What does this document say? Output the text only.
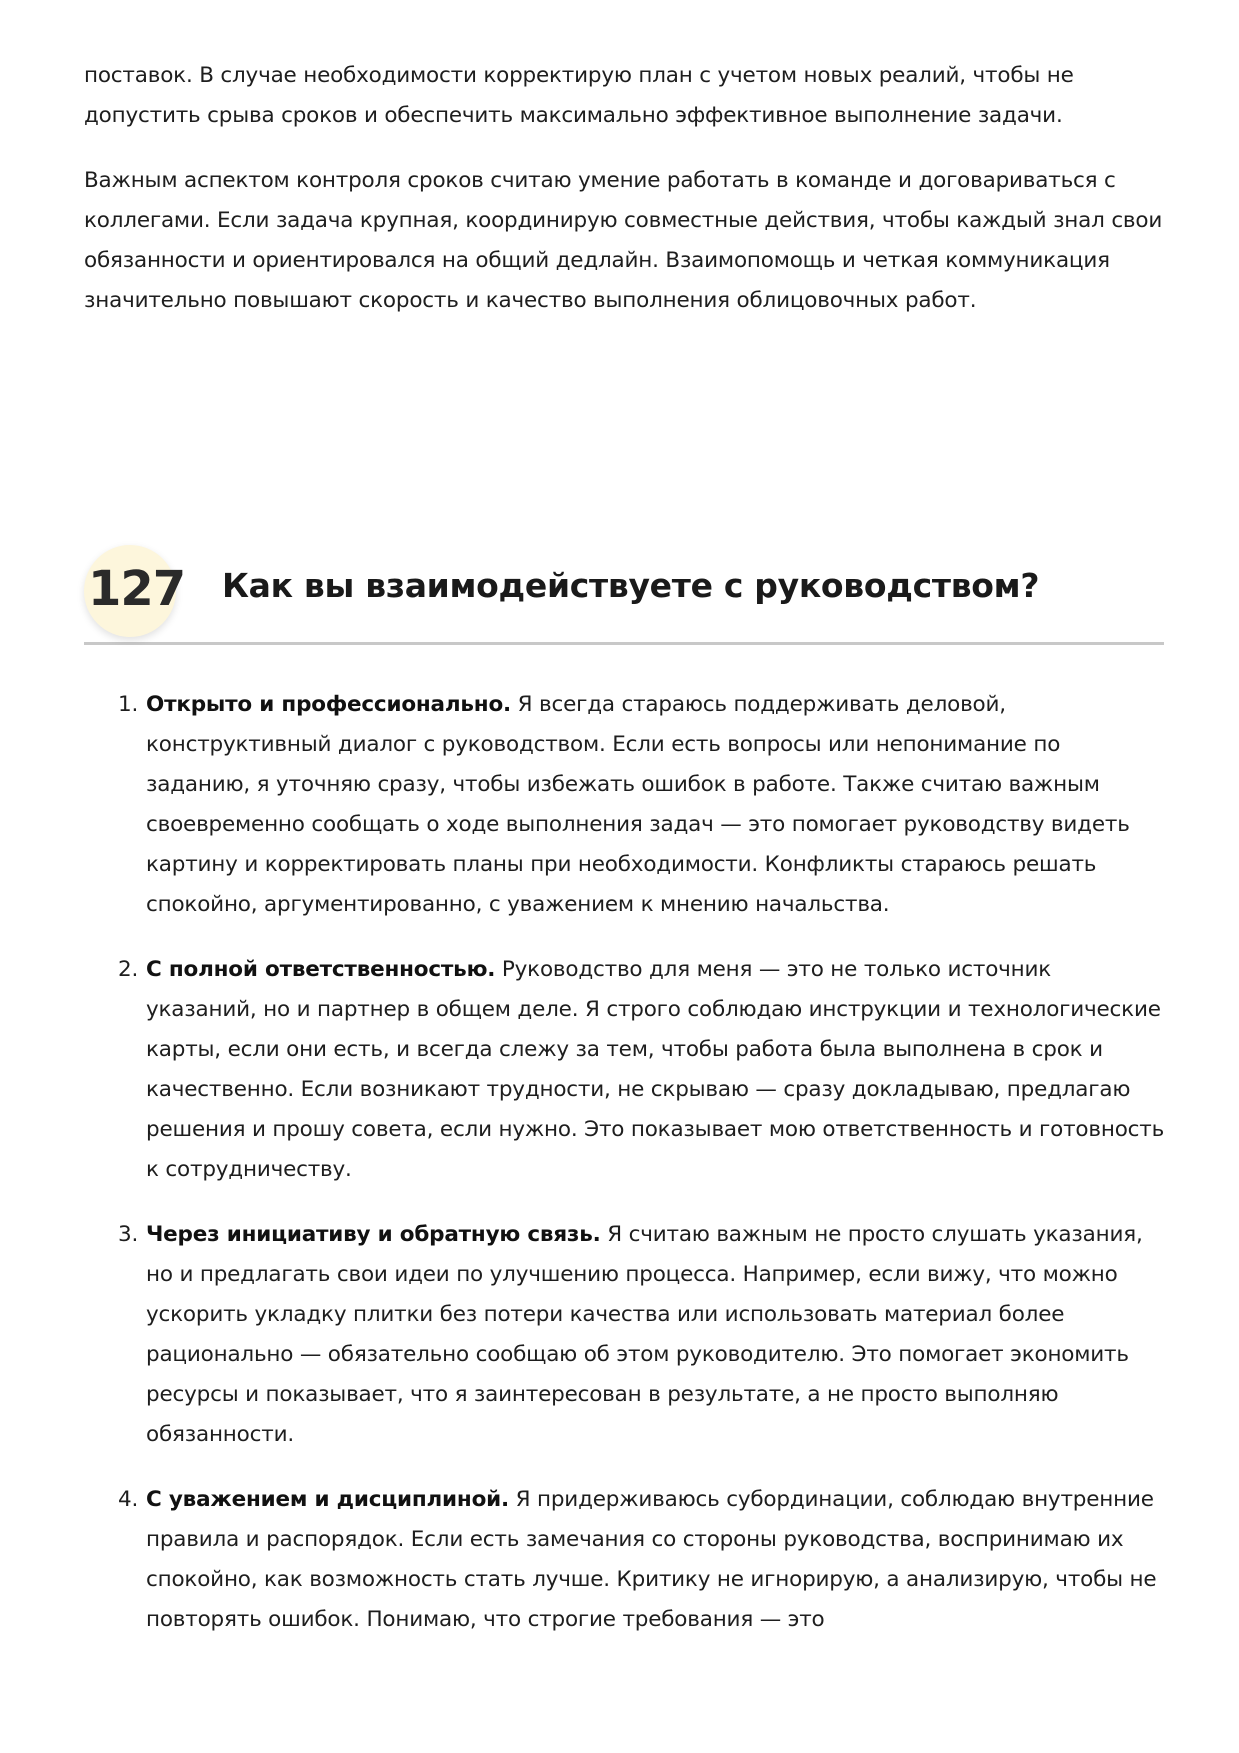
поставок. В случае необходимости корректирую план с учетом новых реалий, чтобы не допустить срыва сроков и обеспечить максимально эффективное выполнение задачи.

Важным аспектом контроля сроков считаю умение работать в команде и договариваться с коллегами. Если задача крупная, координирую совместные действия, чтобы каждый знал свои обязанности и ориентировался на общий дедлайн. Взаимопомощь и четкая коммуникация значительно повышают скорость и качество выполнения облицовочных работ.

127 Как вы взаимодействуете с руководством?
1. Открыто и профессионально. Я всегда стараюсь поддерживать деловой, конструктивный диалог с руководством. Если есть вопросы или непонимание по заданию, я уточняю сразу, чтобы избежать ошибок в работе. Также считаю важным своевременно сообщать о ходе выполнения задач — это помогает руководству видеть картину и корректировать планы при необходимости. Конфликты стараюсь решать спокойно, аргументированно, с уважением к мнению начальства.
2. С полной ответственностью. Руководство для меня — это не только источник указаний, но и партнер в общем деле. Я строго соблюдаю инструкции и технологические карты, если они есть, и всегда слежу за тем, чтобы работа была выполнена в срок и качественно. Если возникают трудности, не скрываю — сразу докладываю, предлагаю решения и прошу совета, если нужно. Это показывает мою ответственность и готовность к сотрудничеству.
3. Через инициативу и обратную связь. Я считаю важным не просто слушать указания, но и предлагать свои идеи по улучшению процесса. Например, если вижу, что можно ускорить укладку плитки без потери качества или использовать материал более рационально — обязательно сообщаю об этом руководителю. Это помогает экономить ресурсы и показывает, что я заинтересован в результате, а не просто выполняю обязанности.
4. С уважением и дисциплиной. Я придерживаюсь субординации, соблюдаю внутренние правила и распорядок. Если есть замечания со стороны руководства, воспринимаю их спокойно, как возможность стать лучше. Критику не игнорирую, а анализирую, чтобы не повторять ошибок. Понимаю, что строгие требования — это
